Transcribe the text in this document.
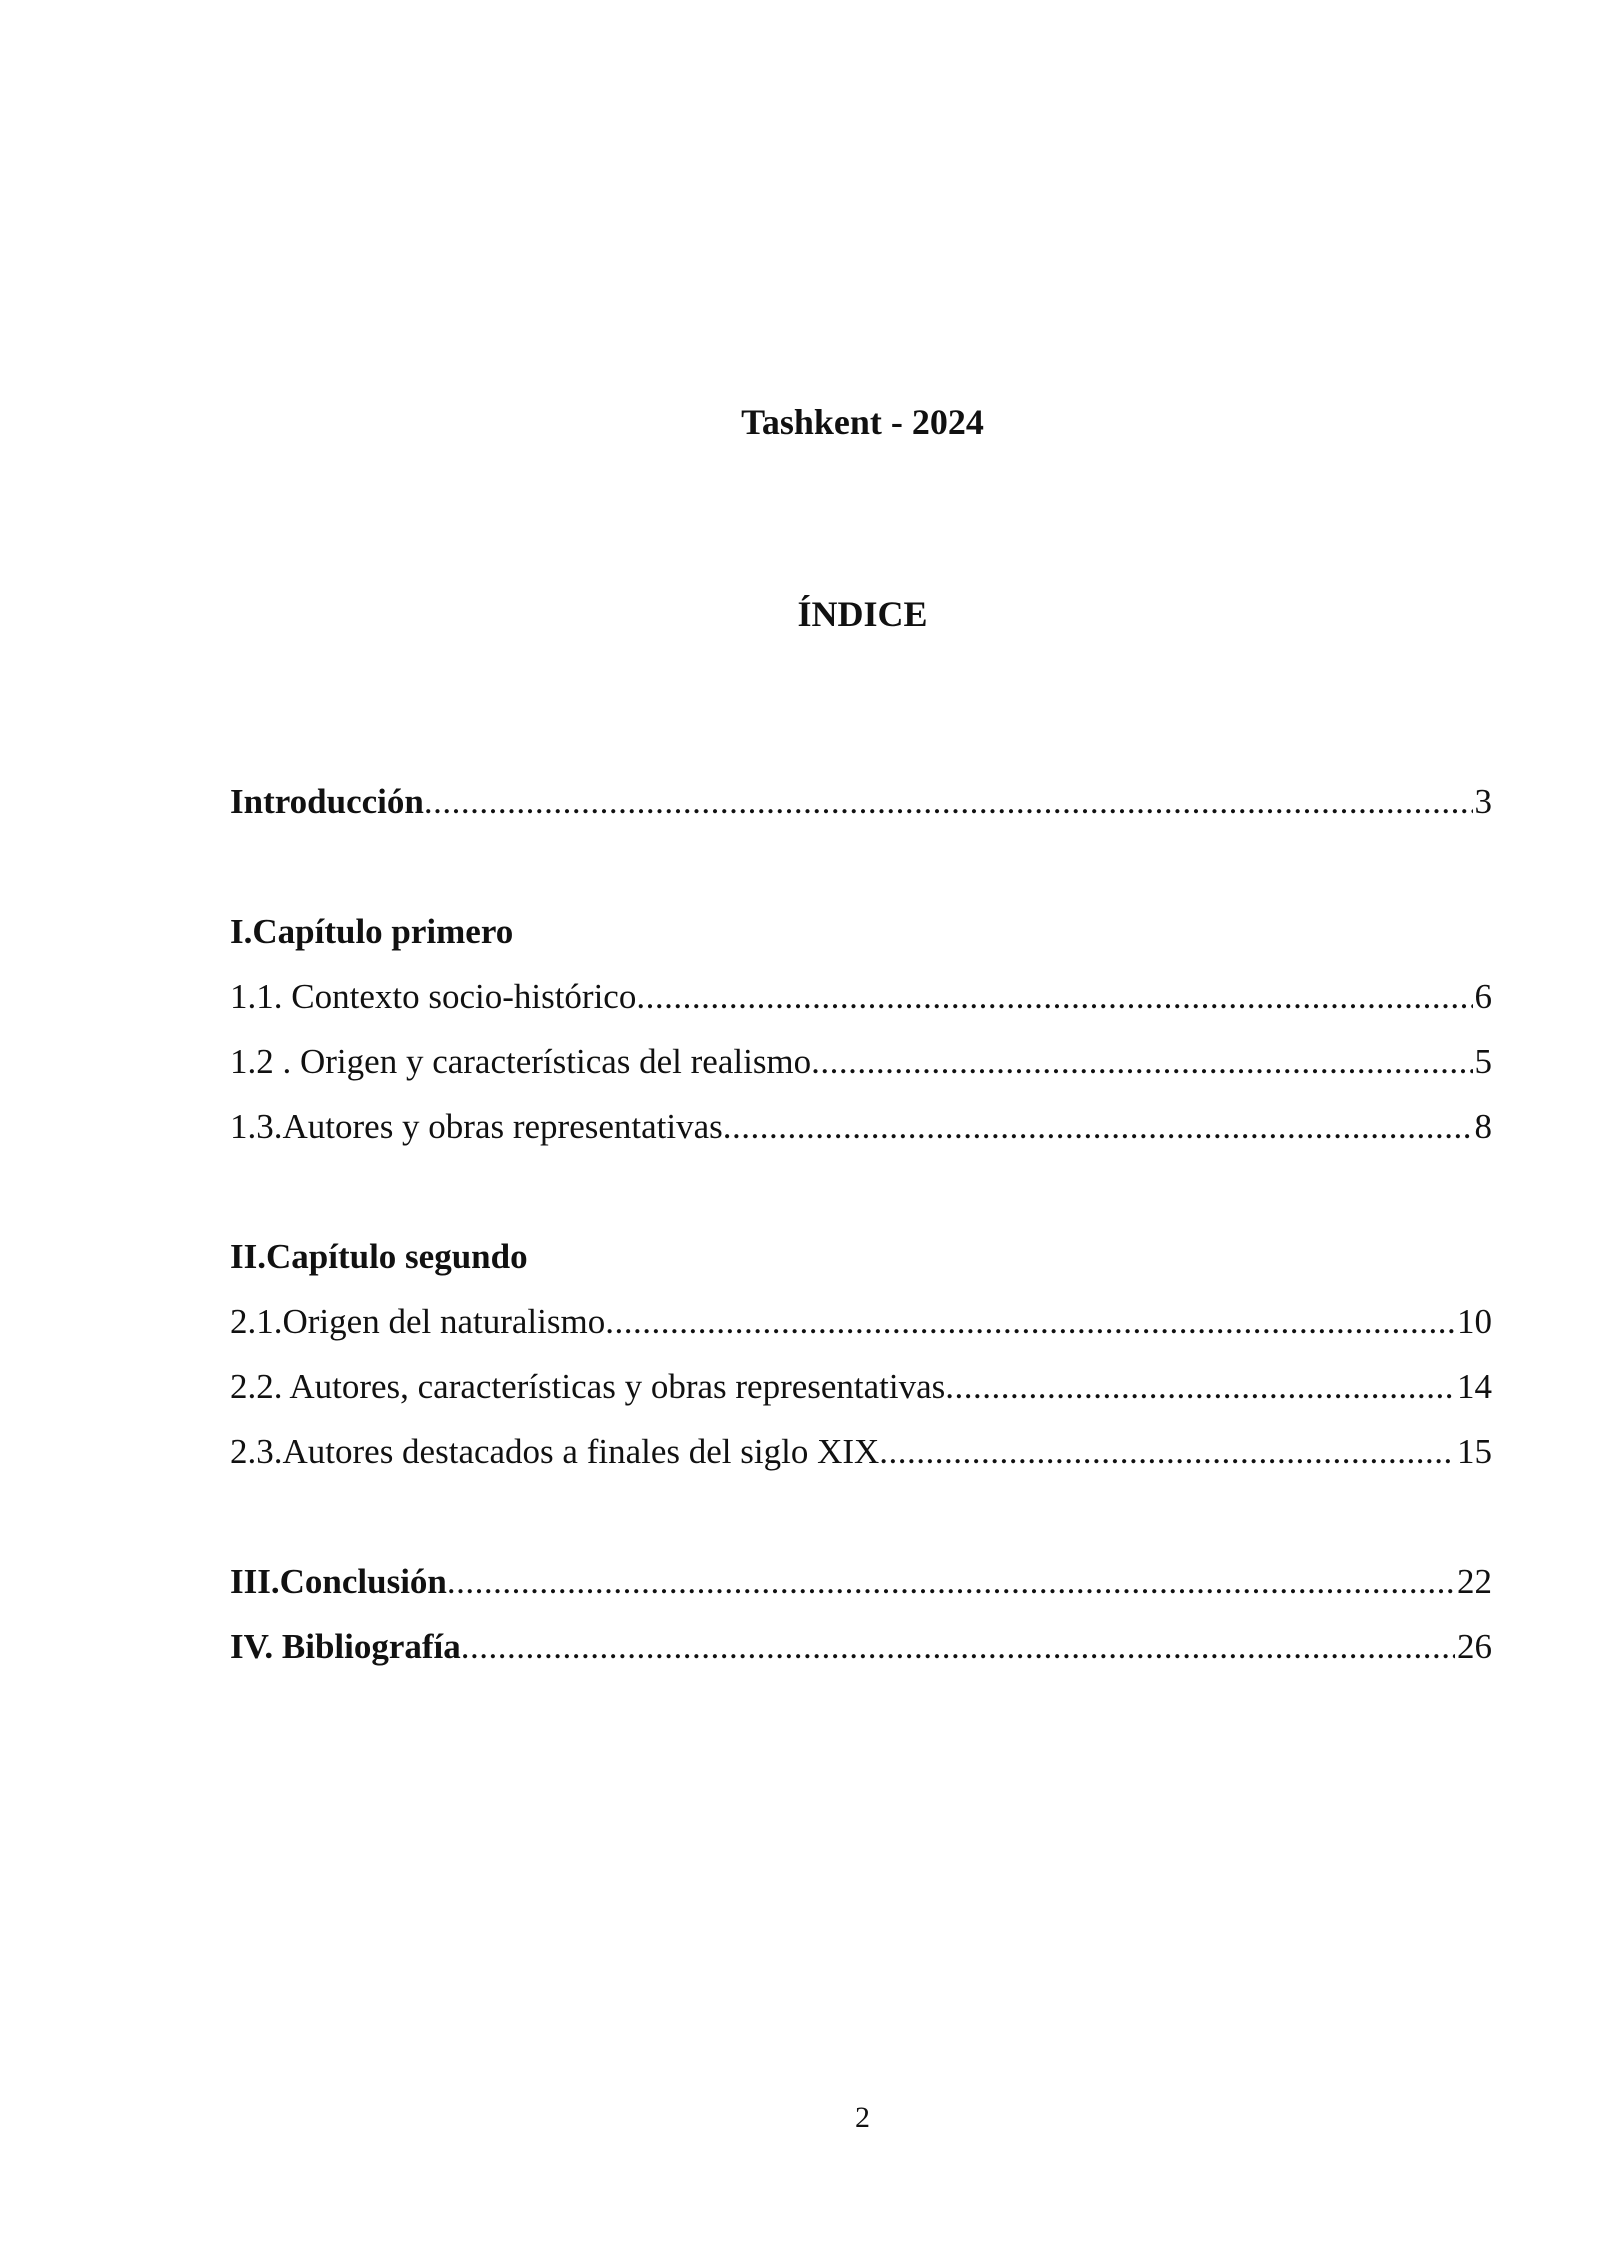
Tashkent - 2024
ÍNDICE
Introducción .....	3
I.Capítulo primero
1.1. Contexto socio-histórico .....	6
1.2 . Origen y características del realismo .....	5
1.3.Autores y obras representativas .....	8
II.Capítulo segundo
2.1.Origen del naturalismo .....	10
2.2. Autores, características y obras representativas .....	14
2.3.Autores destacados a finales del siglo XIX .....	15
III.Conclusión .....	22
IV. Bibliografía .....	26
2
